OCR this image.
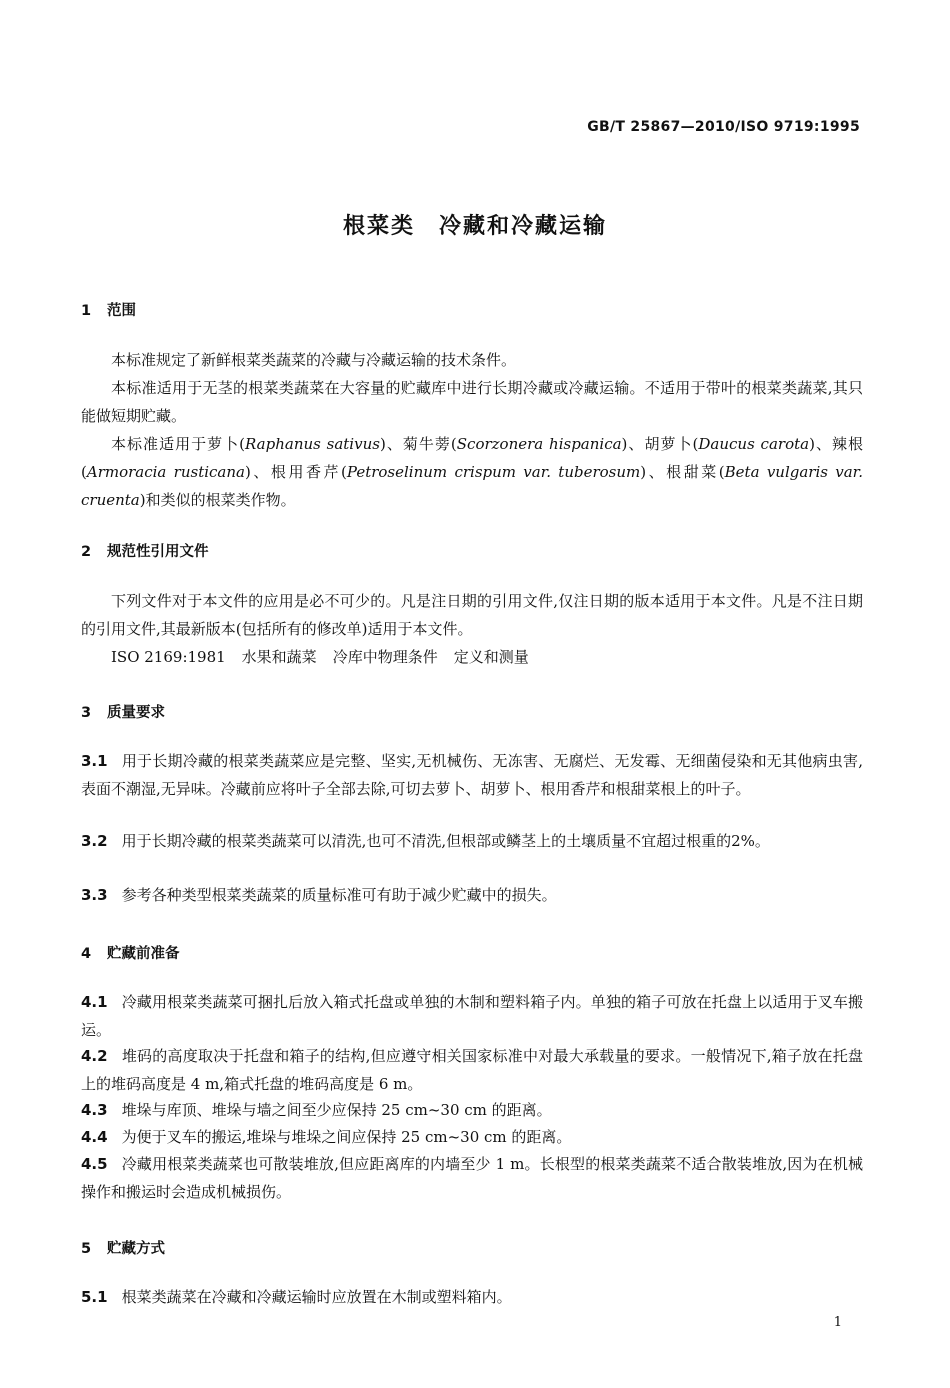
GB/T 25867—2010/ISO 9719:1995
根菜类 冷藏和冷藏运输
1 范围
本标准规定了新鲜根菜类蔬菜的冷藏与冷藏运输的技术条件。
本标准适用于无茎的根菜类蔬菜在大容量的贮藏库中进行长期冷藏或冷藏运输。不适用于带叶的根菜类蔬菜,其只能做短期贮藏。
本标准适用于萝卜(Raphanus sativus)、菊牛蒡(Scorzonera hispanica)、胡萝卜(Daucus carota)、辣根(Armoracia rusticana)、根用香芹(Petroselinum crispum var. tuberosum)、根甜菜(Beta vulgaris var. cruenta)和类似的根菜类作物。
2 规范性引用文件
下列文件对于本文件的应用是必不可少的。凡是注日期的引用文件,仅注日期的版本适用于本文件。凡是不注日期的引用文件,其最新版本(包括所有的修改单)适用于本文件。
ISO 2169:1981 水果和蔬菜 冷库中物理条件 定义和测量
3 质量要求
3.1 用于长期冷藏的根菜类蔬菜应是完整、坚实,无机械伤、无冻害、无腐烂、无发霉、无细菌侵染和无其他病虫害,表面不潮湿,无异味。冷藏前应将叶子全部去除,可切去萝卜、胡萝卜、根用香芹和根甜菜根上的叶子。
3.2 用于长期冷藏的根菜类蔬菜可以清洗,也可不清洗,但根部或鳞茎上的土壤质量不宜超过根重的2%。
3.3 参考各种类型根菜类蔬菜的质量标准可有助于减少贮藏中的损失。
4 贮藏前准备
4.1 冷藏用根菜类蔬菜可捆扎后放入箱式托盘或单独的木制和塑料箱子内。单独的箱子可放在托盘上以适用于叉车搬运。
4.2 堆码的高度取决于托盘和箱子的结构,但应遵守相关国家标准中对最大承载量的要求。一般情况下,箱子放在托盘上的堆码高度是 4 m,箱式托盘的堆码高度是 6 m。
4.3 堆垛与库顶、堆垛与墙之间至少应保持 25 cm~30 cm 的距离。
4.4 为便于叉车的搬运,堆垛与堆垛之间应保持 25 cm~30 cm 的距离。
4.5 冷藏用根菜类蔬菜也可散装堆放,但应距离库的内墙至少 1 m。长根型的根菜类蔬菜不适合散装堆放,因为在机械操作和搬运时会造成机械损伤。
5 贮藏方式
5.1 根菜类蔬菜在冷藏和冷藏运输时应放置在木制或塑料箱内。
1
